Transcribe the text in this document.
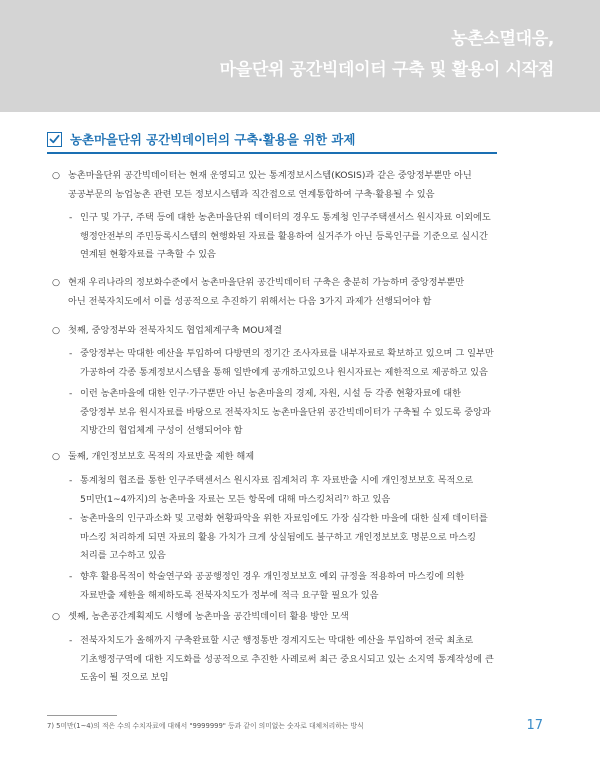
농촌소멸대응,
마을단위 공간빅데이터 구축 및 활용이 시작점
농촌마을단위 공간빅데이터의 구축·활용을 위한 과제
○ 농촌마을단위 공간빅데이터는 현재 운영되고 있는 통계정보시스템(KOSIS)과 같은 중앙정부뿐만 아닌
공공부문의 농업농촌 관련 모든 정보시스템과 직간접으로 연계통합하여 구축·활용될 수 있음
- 인구 및 가구, 주택 등에 대한 농촌마을단위 데이터의 경우도 통계청 인구주택센서스 원시자료 이외에도
행정안전부의 주민등록시스템의 현행화된 자료를 활용하여 실거주가 아닌 등록인구를 기준으로 실시간
연계된 현황자료를 구축할 수 있음
○ 현재 우리나라의 정보화수준에서 농촌마을단위 공간빅데이터 구축은 충분히 가능하며 중앙정부뿐만
아닌 전북자치도에서 이를 성공적으로 추진하기 위해서는 다음 3가지 과제가 선행되어야 함
○ 첫째, 중앙정부와 전북자치도 협업체계구축 MOU체결
- 중앙정부는 막대한 예산을 투입하여 다방면의 정기간 조사자료를 내부자료로 확보하고 있으며 그 일부만
가공하여 각종 통계정보시스템을 통해 일반에게 공개하고있으나 원시자료는 제한적으로 제공하고 있음
- 이런 농촌마을에 대한 인구·가구뿐만 아닌 농촌마을의 경제, 자원, 시설 등 각종 현황자료에 대한
중앙정부 보유 원시자료를 바탕으로 전북자치도 농촌마을단위 공간빅데이터가 구축될 수 있도록 중앙과
지방간의 협업체계 구성이 선행되어야 함
○ 둘째, 개인정보보호 목적의 자료반출 제한 해제
- 통계청의 협조를 통한 인구주택센서스 원시자료 집계처리 후 자료반출 시에 개인정보보호 목적으로
5미만(1~4까지)의 농촌마을 자료는 모든 항목에 대해 마스킹처리⁷⁾ 하고 있음
- 농촌마을의 인구과소화 및 고령화 현황파악을 위한 자료임에도 가장 심각한 마을에 대한 실제 데이터를
마스킹 처리하게 되면 자료의 활용 가치가 크게 상실됨에도 불구하고 개인정보보호 명분으로 마스킹
처리를 고수하고 있음
- 향후 활용목적이 학술연구와 공공행정인 경우 개인정보보호 예외 규정을 적용하여 마스킹에 의한
자료반출 제한을 해제하도록 전북자치도가 정부에 적극 요구할 필요가 있음
○ 셋째, 농촌공간계획제도 시행에 농촌마을 공간빅데이터 활용 방안 모색
- 전북자치도가 올해까지 구축완료할 시군 행정통반 경계지도는 막대한 예산을 투입하여 전국 최초로
기초행정구역에 대한 지도화를 성공적으로 추진한 사례로써 최근 중요시되고 있는 소지역 통계작성에 큰
도움이 될 것으로 보임
7) 5미만(1~4)의 적은 수의 수치자료에 대해서 "9999999" 등과 같이 의미없는 숫자로 대체처리하는 방식	17
